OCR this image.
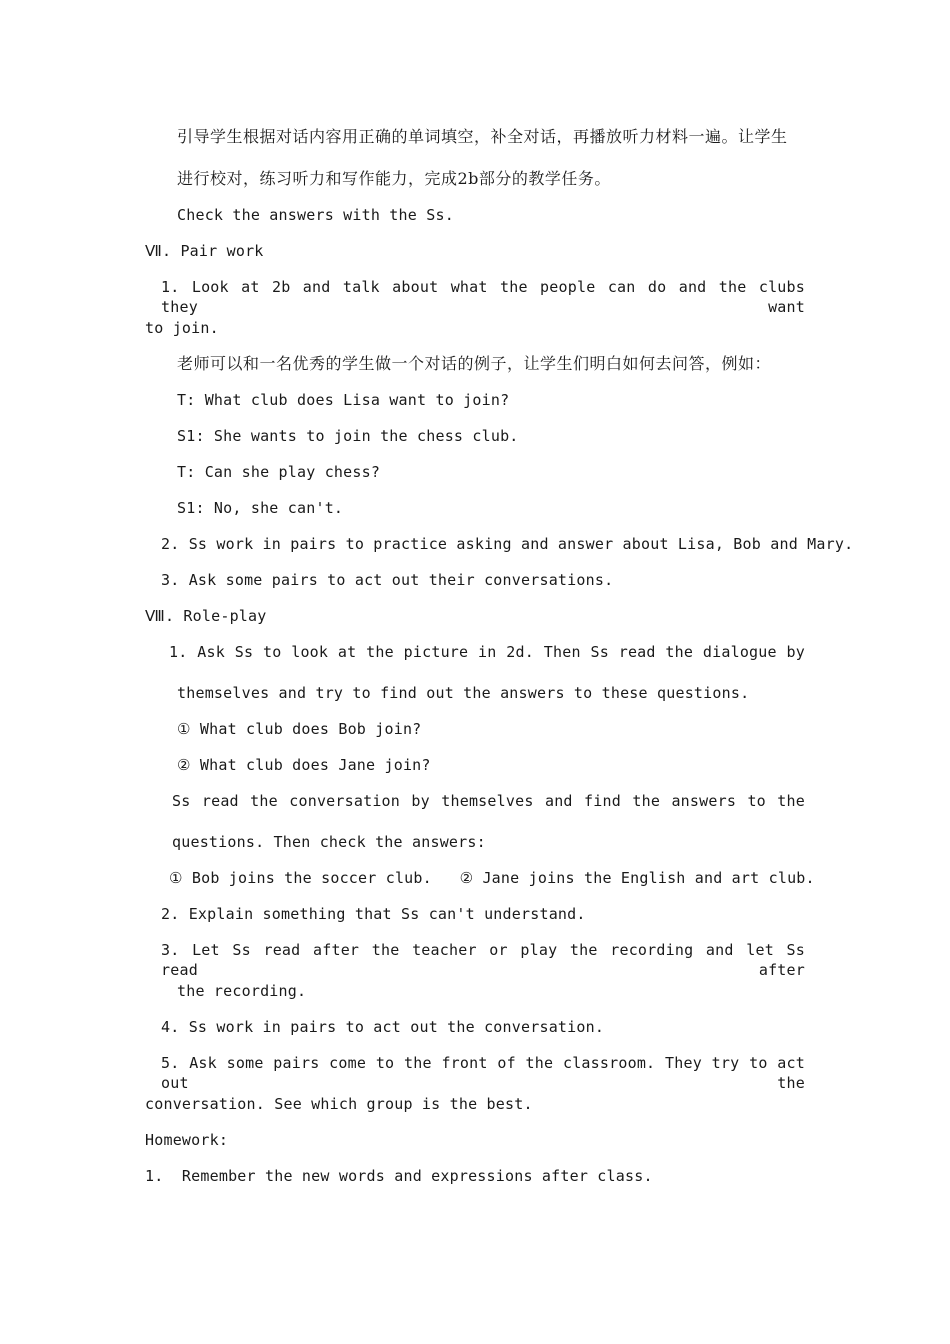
引导学生根据对话内容用正确的单词填空，补全对话，再播放听力材料一遍。让学生
进行校对，练习听力和写作能力，完成2b部分的教学任务。
Check the answers with the Ss.
Ⅶ. Pair work
1. Look at 2b and talk about what the people can do and the clubs they want
to join.
老师可以和一名优秀的学生做一个对话的例子，让学生们明白如何去问答，例如：
T: What club does Lisa want to join?
S1: She wants to join the chess club.
T: Can she play chess?
S1: No, she can't.
2. Ss work in pairs to practice asking and answer about Lisa, Bob and Mary.
3. Ask some pairs to act out their conversations.
Ⅷ. Role-play
1. Ask Ss to look at the picture in 2d. Then Ss read the dialogue by
themselves and try to find out the answers to these questions.
① What club does Bob join?
② What club does Jane join?
Ss read the conversation by themselves and find the answers to the
questions. Then check the answers:
① Bob joins the soccer club.   ② Jane joins the English and art club.
2. Explain something that Ss can't understand.
3. Let Ss read after the teacher or play the recording and let Ss read after
the recording.
4. Ss work in pairs to act out the conversation.
5. Ask some pairs come to the front of the classroom. They try to act out the
conversation. See which group is the best.
Homework:
1.  Remember the new words and expressions after class.
